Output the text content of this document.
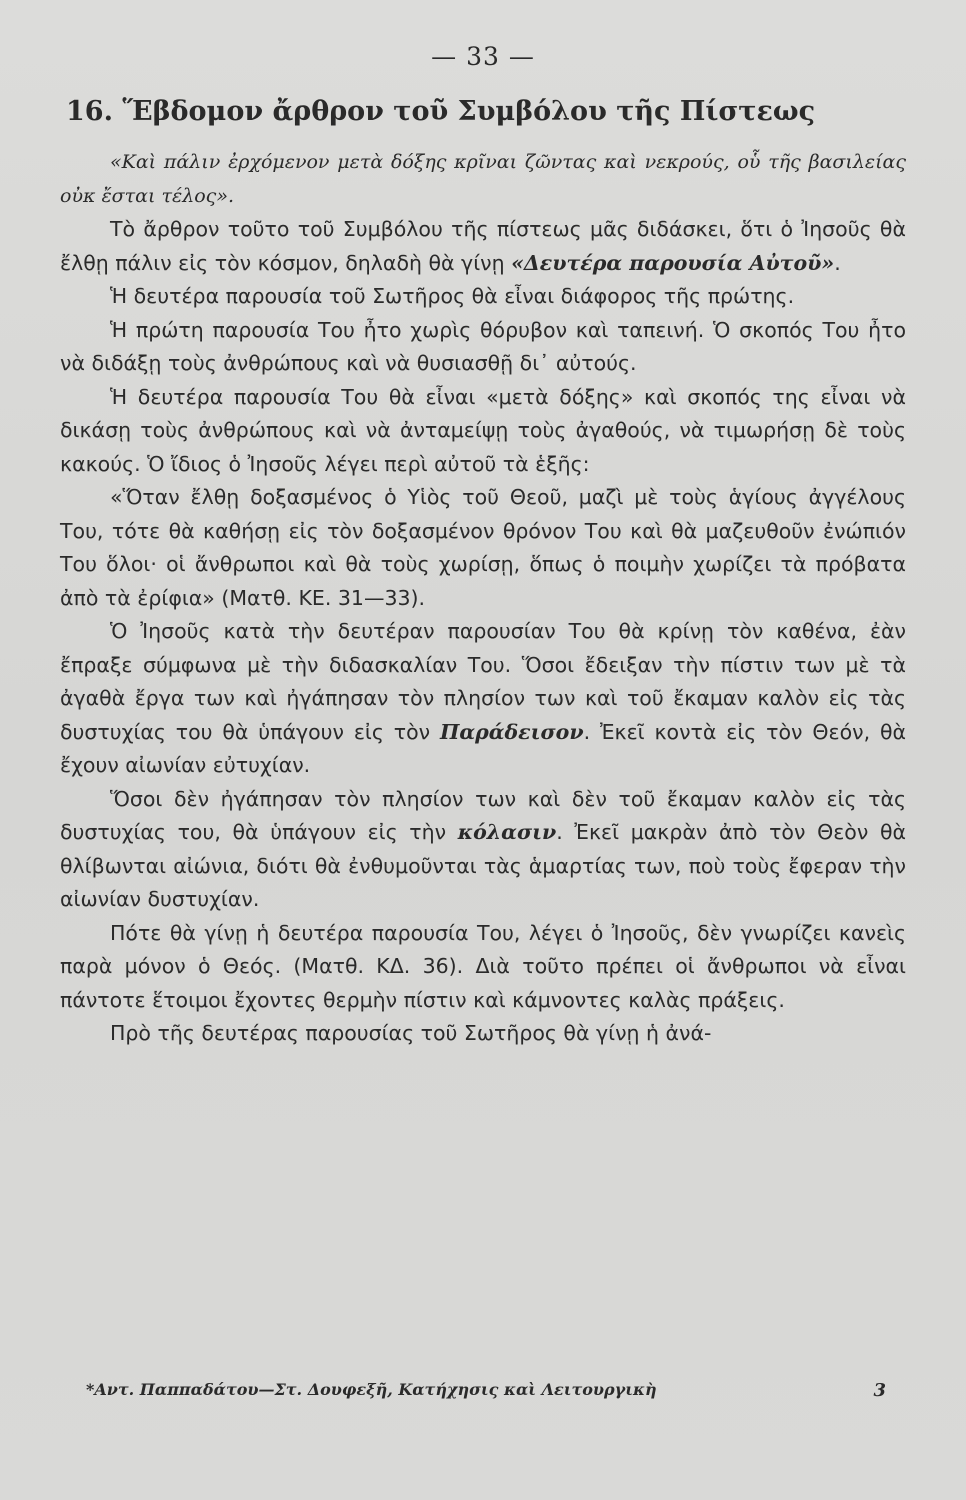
— 33 —
16. Ἕβδομον ἄρθρον τοῦ Συμβόλου τῆς Πίστεως

«Καὶ πάλιν ἐρχόμενον μετὰ δόξης κρῖναι ζῶντας καὶ νεκρούς, οὗ τῆς βασιλείας οὐκ ἔσται τέλος».

Τὸ ἄρθρον τοῦτο τοῦ Συμβόλου τῆς πίστεως μᾶς διδάσκει, ὅτι ὁ Ἰησοῦς θὰ ἔλθῃ πάλιν εἰς τὸν κόσμον, δηλαδὴ θὰ γίνῃ «Δευτέρα παρουσία Αὐτοῦ».

Ἡ δευτέρα παρουσία τοῦ Σωτῆρος θὰ εἶναι διάφορος τῆς πρώτης.

Ἡ πρώτη παρουσία Του ἦτο χωρὶς θόρυβον καὶ ταπεινή. Ὁ σκοπός Του ἦτο νὰ διδάξῃ τοὺς ἀνθρώπους καὶ νὰ θυσιασθῇ δι᾽ αὐτούς.

Ἡ δευτέρα παρουσία Του θὰ εἶναι «μετὰ δόξης» καὶ σκοπός της εἶναι νὰ δικάσῃ τοὺς ἀνθρώπους καὶ νὰ ἀνταμείψῃ τοὺς ἀγαθούς, νὰ τιμωρήσῃ δὲ τοὺς κακούς. Ὁ ἴδιος ὁ Ἰησοῦς λέγει περὶ αὐτοῦ τὰ ἑξῆς:

«Ὅταν ἔλθῃ δοξασμένος ὁ Υἱὸς τοῦ Θεοῦ, μαζὶ μὲ τοὺς ἁγίους ἀγγέλους Του, τότε θὰ καθήσῃ εἰς τὸν δοξασμένον θρόνον Του καὶ θὰ μαζευθοῦν ἐνώπιόν Του ὅλοι· οἱ ἄνθρωποι καὶ θὰ τοὺς χωρίσῃ, ὅπως ὁ ποιμὴν χωρίζει τὰ πρόβατα ἀπὸ τὰ ἐρίφια» (Ματθ. ΚΕ. 31—33).

Ὁ Ἰησοῦς κατὰ τὴν δευτέραν παρουσίαν Του θὰ κρίνῃ τὸν καθένα, ἐὰν ἔπραξε σύμφωνα μὲ τὴν διδασκαλίαν Του. Ὅσοι ἔδειξαν τὴν πίστιν των μὲ τὰ ἀγαθὰ ἔργα των καὶ ἠγάπησαν τὸν πλησίον των καὶ τοῦ ἔκαμαν καλὸν εἰς τὰς δυστυχίας του θὰ ὑπάγουν εἰς τὸν Παράδεισον. Ἐκεῖ κοντὰ εἰς τὸν Θεόν, θὰ ἔχουν αἰωνίαν εὐτυχίαν.

Ὅσοι δὲν ἠγάπησαν τὸν πλησίον των καὶ δὲν τοῦ ἔκαμαν καλὸν εἰς τὰς δυστυχίας του, θὰ ὑπάγουν εἰς τὴν κόλασιν. Ἐκεῖ μακρὰν ἀπὸ τὸν Θεὸν θὰ θλίβωνται αἰώνια, διότι θὰ ἐνθυμοῦνται τὰς ἁμαρτίας των, ποὺ τοὺς ἔφεραν τὴν αἰωνίαν δυστυχίαν.

Πότε θὰ γίνῃ ἡ δευτέρα παρουσία Του, λέγει ὁ Ἰησοῦς, δὲν γνωρίζει κανεὶς παρὰ μόνον ὁ Θεός. (Ματθ. ΚΔ. 36). Διὰ τοῦτο πρέπει οἱ ἄνθρωποι νὰ εἶναι πάντοτε ἕτοιμοι ἔχοντες θερμὴν πίστιν καὶ κάμνοντες καλὰς πράξεις.

Πρὸ τῆς δευτέρας παρουσίας τοῦ Σωτῆρος θὰ γίνῃ ἡ ἀνά-

*Αντ. Παππαδάτου—Στ. Δουφεξῆ, Κατήχησις καὶ Λειτουργικὴ	3
